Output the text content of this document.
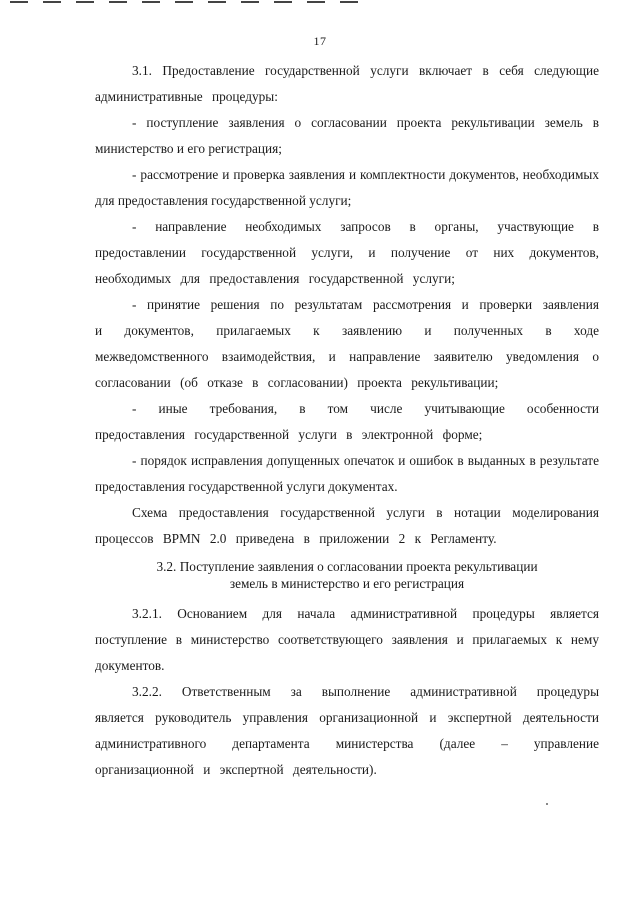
17

3.1. Предоставление государственной услуги включает в себя следующие административные процедуры:

- поступление заявления о согласовании проекта рекультивации земель в министерство и его регистрация;

- рассмотрение и проверка заявления и комплектности документов, необходимых для предоставления государственной услуги;

- направление необходимых запросов в органы, участвующие в предоставлении государственной услуги, и получение от них документов, необходимых для предоставления государственной услуги;

- принятие решения по результатам рассмотрения и проверки заявления и документов, прилагаемых к заявлению и полученных в ходе межведомственного взаимодействия, и направление заявителю уведомления о согласовании (об отказе в согласовании) проекта рекультивации;

- иные требования, в том числе учитывающие особенности предоставления государственной услуги в электронной форме;

- порядок исправления допущенных опечаток и ошибок в выданных в результате предоставления государственной услуги документах.

Схема предоставления государственной услуги в нотации моделирования процессов BPMN 2.0 приведена в приложении 2 к Регламенту.

3.2. Поступление заявления о согласовании проекта рекультивации
земель в министерство и его регистрация

3.2.1. Основанием для начала административной процедуры является поступление в министерство соответствующего заявления и прилагаемых к нему документов.

3.2.2. Ответственным за выполнение административной процедуры является руководитель управления организационной и экспертной деятельности административного департамента министерства (далее – управление организационной и экспертной деятельности).
